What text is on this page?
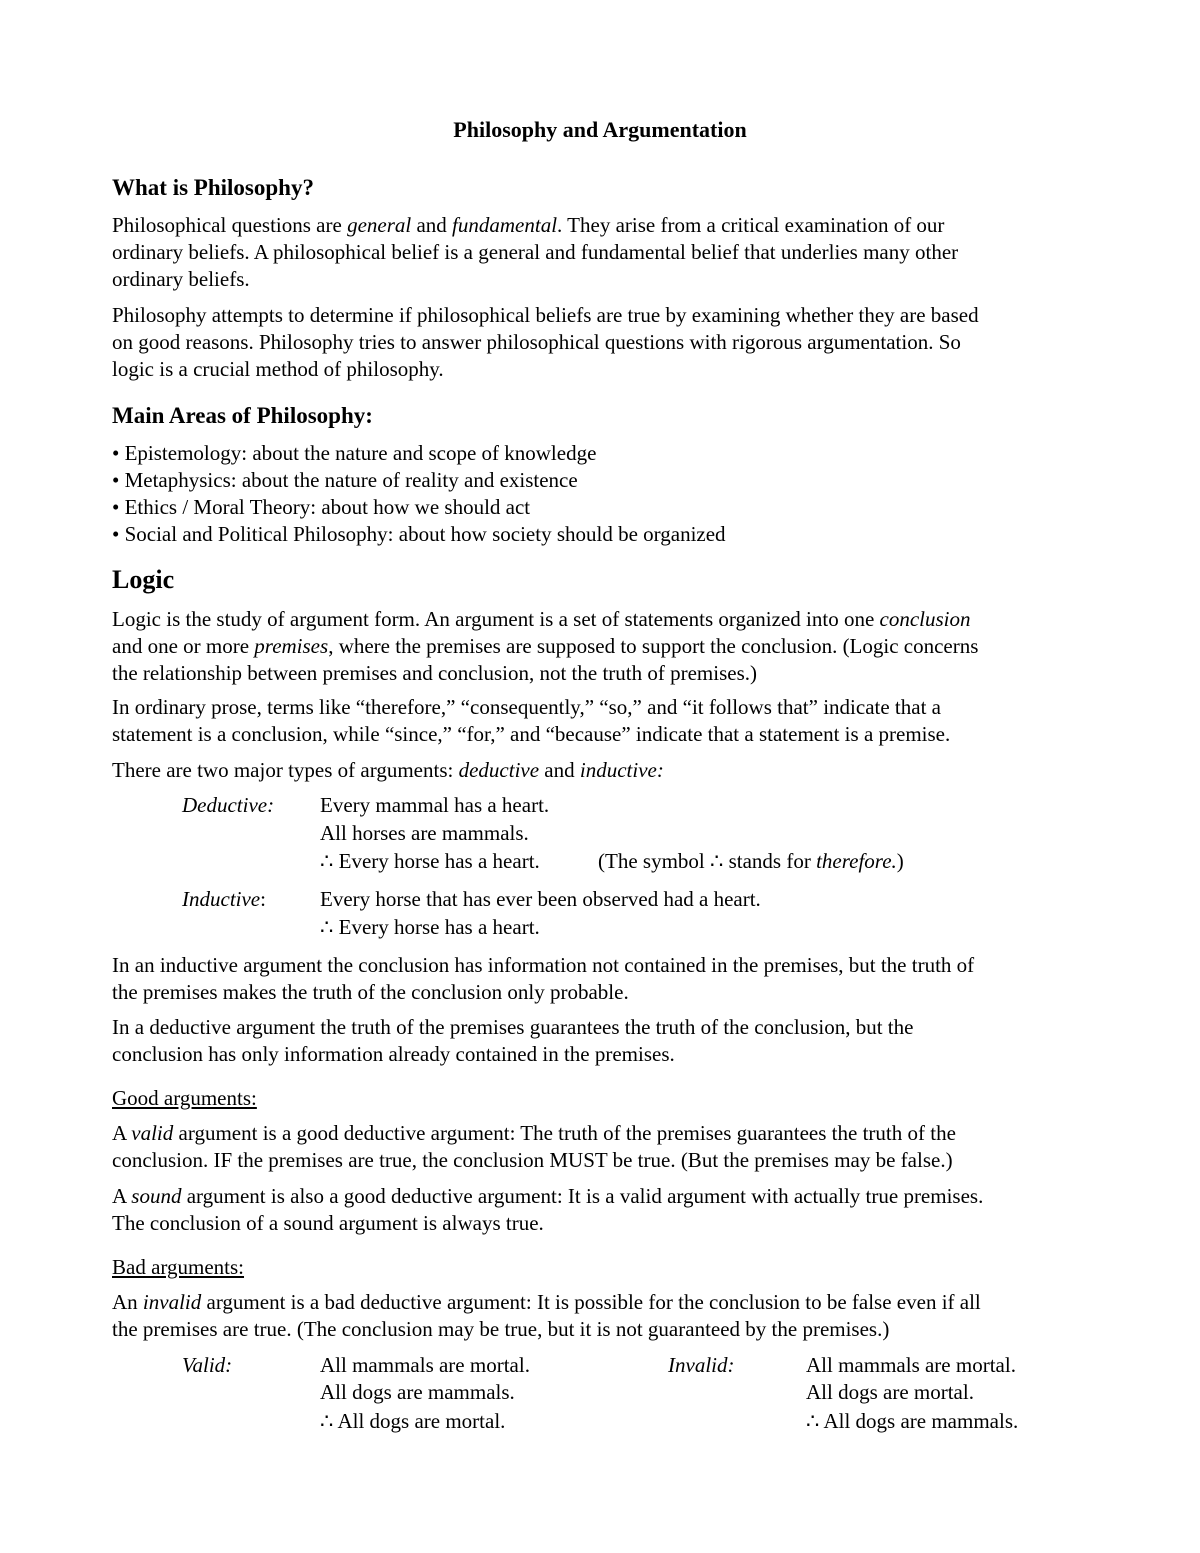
Philosophy and Argumentation
What is Philosophy?
Philosophical questions are general and fundamental. They arise from a critical examination of our
ordinary beliefs. A philosophical belief is a general and fundamental belief that underlies many other
ordinary beliefs.
Philosophy attempts to determine if philosophical beliefs are true by examining whether they are based
on good reasons. Philosophy tries to answer philosophical questions with rigorous argumentation. So
logic is a crucial method of philosophy.
Main Areas of Philosophy:
• Epistemology: about the nature and scope of knowledge
• Metaphysics: about the nature of reality and existence
• Ethics / Moral Theory: about how we should act
• Social and Political Philosophy: about how society should be organized
Logic
Logic is the study of argument form. An argument is a set of statements organized into one conclusion
and one or more premises, where the premises are supposed to support the conclusion. (Logic concerns
the relationship between premises and conclusion, not the truth of premises.)
In ordinary prose, terms like “therefore,” “consequently,” “so,” and “it follows that” indicate that a
statement is a conclusion, while “since,” “for,” and “because” indicate that a statement is a premise.
There are two major types of arguments: deductive and inductive:
Deductive: Every mammal has a heart.
All horses are mammals.
∴ Every horse has a heart.	(The symbol ∴ stands for therefore.)
Inductive:	Every horse that has ever been observed had a heart.
∴ Every horse has a heart.
In an inductive argument the conclusion has information not contained in the premises, but the truth of
the premises makes the truth of the conclusion only probable.
In a deductive argument the truth of the premises guarantees the truth of the conclusion, but the
conclusion has only information already contained in the premises.
Good arguments:
A valid argument is a good deductive argument: The truth of the premises guarantees the truth of the
conclusion. IF the premises are true, the conclusion MUST be true. (But the premises may be false.)
A sound argument is also a good deductive argument: It is a valid argument with actually true premises.
The conclusion of a sound argument is always true.
Bad arguments:
An invalid argument is a bad deductive argument: It is possible for the conclusion to be false even if all
the premises are true. (The conclusion may be true, but it is not guaranteed by the premises.)
Valid:	All mammals are mortal.
All dogs are mammals.
∴ All dogs are mortal.
Invalid:	All mammals are mortal.
All dogs are mortal.
∴ All dogs are mammals.
